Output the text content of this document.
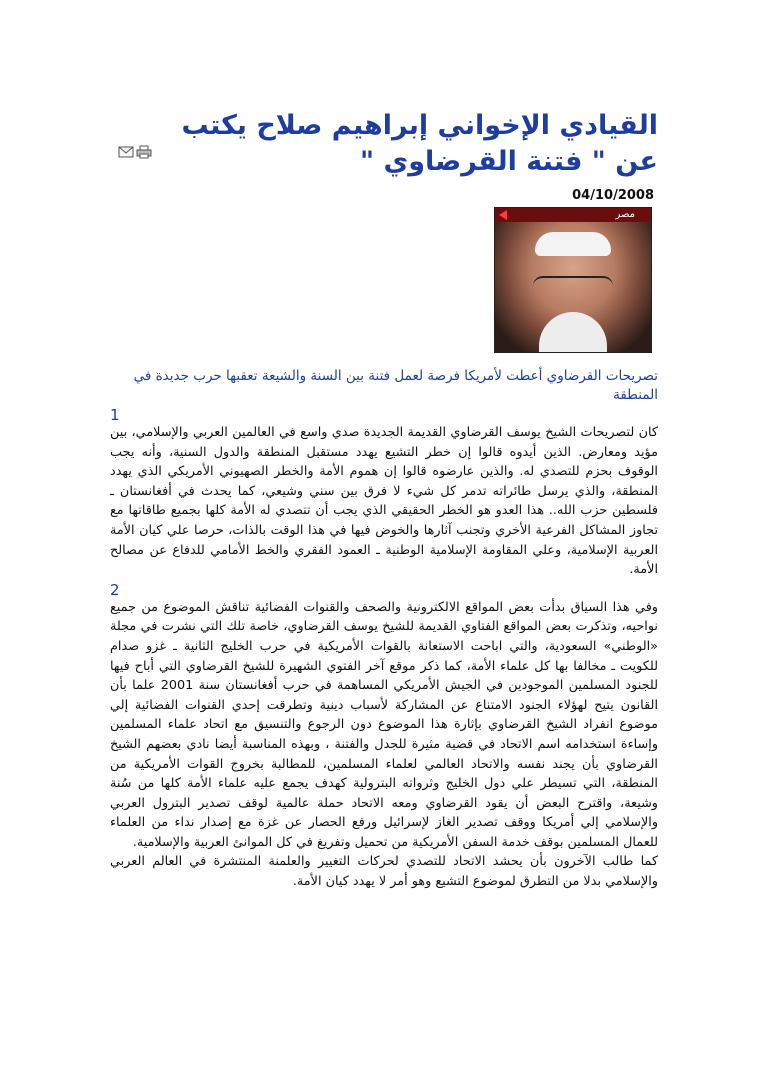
القيادي الإخواني إبراهيم صلاح يكتب عن " فتنة القرضاوي "
04/10/2008
مصر
تصريحات القرضاوي أعطت لأمريكا فرصة لعمل فتنة بين السنة والشيعة تعقبها حرب جديدة في المنطقة
1

كان لتصريحات الشيخ يوسف القرضاوي القديمة الجديدة صدي واسع في العالمين العربي والإسلامي، بين مؤيد ومعارض. الذين أيدوه قالوا إن خطر التشيع يهدد مستقبل المنطقة والدول السنية، وأنه يجب الوقوف بحزم للتصدي له. والذين عارضوه قالوا إن هموم الأمة والخطر الصهيوني الأمريكي الذي يهدد المنطقة، والذي يرسل طائراته تدمر كل شيء لا فرق بين سني وشيعي، كما يحدث في أفغانستان ـ فلسطين حزب الله.. هذا العدو هو الخطر الحقيقي الذي يجب أن تتصدي له الأمة كلها بجميع طاقاتها مع تجاوز المشاكل الفرعية الأخري وتجنب آثارها والخوض فيها في هذا الوقت بالذات، حرصا علي كيان الأمة العربية الإسلامية، وعلي المقاومة الإسلامية الوطنية ـ العمود الفقري والخط الأمامي للدفاع عن مصالح الأمة.

2

وفي هذا السياق بدأت بعض المواقع الالكترونية والصحف والقنوات الفضائية تناقش الموضوع من جميع نواحيه، وتذكرت بعض المواقع الفتاوي القديمة للشيخ يوسف القرضاوي، خاصة تلك التي نشرت في مجلة «الوطني» السعودية، والتي اباحت الاستعانة بالقوات الأمريكية في حرب الخليج الثانية ـ غزو صدام للكويت ـ مخالفا بها كل علماء الأمة، كما ذكر موقع آخر الفتوي الشهيرة للشيخ القرضاوي التي أباح فيها للجنود المسلمين الموجودين في الجيش الأمريكي المساهمة في حرب أفغانستان سنة 2001 علما بأن القانون يتيح لهؤلاء الجنود الامتناع عن المشاركة لأسباب دينية وتطرقت إحدي القنوات الفضائية إلي موضوع انفراد الشيخ القرضاوي بإثارة هذا الموضوع دون الرجوع والتنسيق مع اتحاد علماء المسلمين وإساءة استخدامه اسم الاتحاد في قضية مثيرة للجدل والفتنة ، وبهذه المناسبة أيضا نادي بعضهم الشيخ القرضاوي بأن يجند نفسه والاتحاد العالمي لعلماء المسلمين، للمطالبة بخروج القوات الأمريكية من المنطقة، التي تسيطر علي دول الخليج وثرواته البترولية كهدف يجمع عليه علماء الأمة كلها من سُنة وشيعة، واقترح البعض أن يقود القرضاوي ومعه الاتحاد حملة عالمية لوقف تصدير البترول العربي والإسلامي إلي أمريكا ووقف تصدير الغاز لإسرائيل ورفع الحصار عن غزة مع إصدار نداء من العلماء للعمال المسلمين بوقف خدمة السفن الأمريكية من تحميل وتفريغ في كل الموانئ العربية والإسلامية.

كما طالب الآخرون بأن يحشد الاتحاد للتصدي لحركات التغيير والعلمنة المنتشرة في العالم العربي والإسلامي بدلا من التطرق لموضوع التشيع وهو أمر لا يهدد كيان الأمة.
